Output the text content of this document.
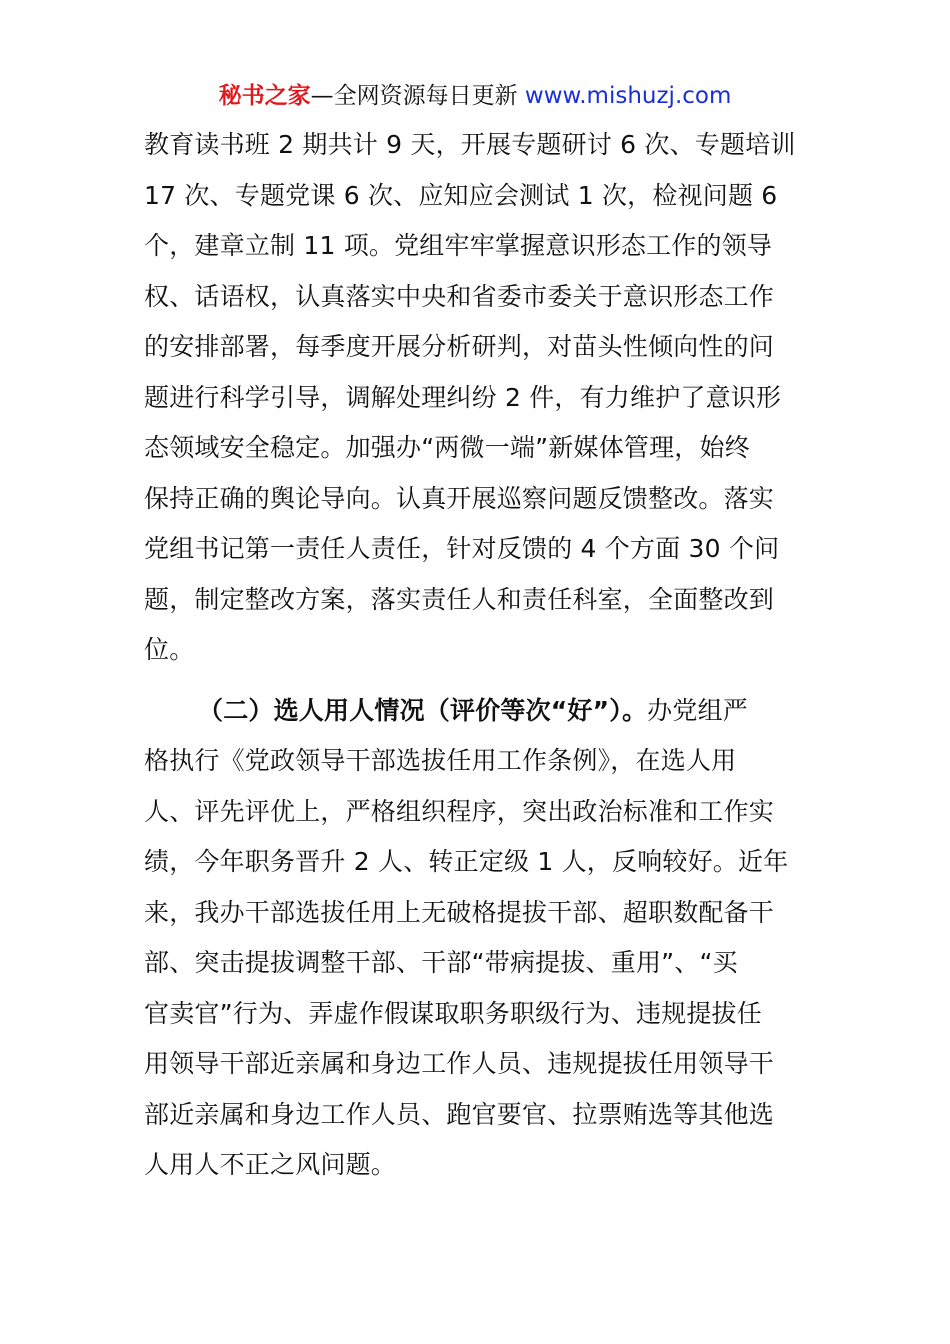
秘书之家—全网资源每日更新 www.mishuzj.com
教育读书班 2 期共计 9 天，开展专题研讨 6 次、专题培训
17 次、专题党课 6 次、应知应会测试 1 次，检视问题 6
个，建章立制 11 项。党组牢牢掌握意识形态工作的领导
权、话语权，认真落实中央和省委市委关于意识形态工作
的安排部署，每季度开展分析研判，对苗头性倾向性的问
题进行科学引导，调解处理纠纷 2 件，有力维护了意识形
态领域安全稳定。加强办“两微一端”新媒体管理，始终
保持正确的舆论导向。认真开展巡察问题反馈整改。落实
党组书记第一责任人责任，针对反馈的 4 个方面 30 个问
题，制定整改方案，落实责任人和责任科室，全面整改到
位。
（二）选人用人情况（评价等次“好”）。办党组严
格执行《党政领导干部选拔任用工作条例》，在选人用
人、评先评优上，严格组织程序，突出政治标准和工作实
绩，今年职务晋升 2 人、转正定级 1 人，反响较好。近年
来，我办干部选拔任用上无破格提拔干部、超职数配备干
部、突击提拔调整干部、干部“带病提拔、重用”、“买
官卖官”行为、弄虚作假谋取职务职级行为、违规提拔任
用领导干部近亲属和身边工作人员、违规提拔任用领导干
部近亲属和身边工作人员、跑官要官、拉票贿选等其他选
人用人不正之风问题。
